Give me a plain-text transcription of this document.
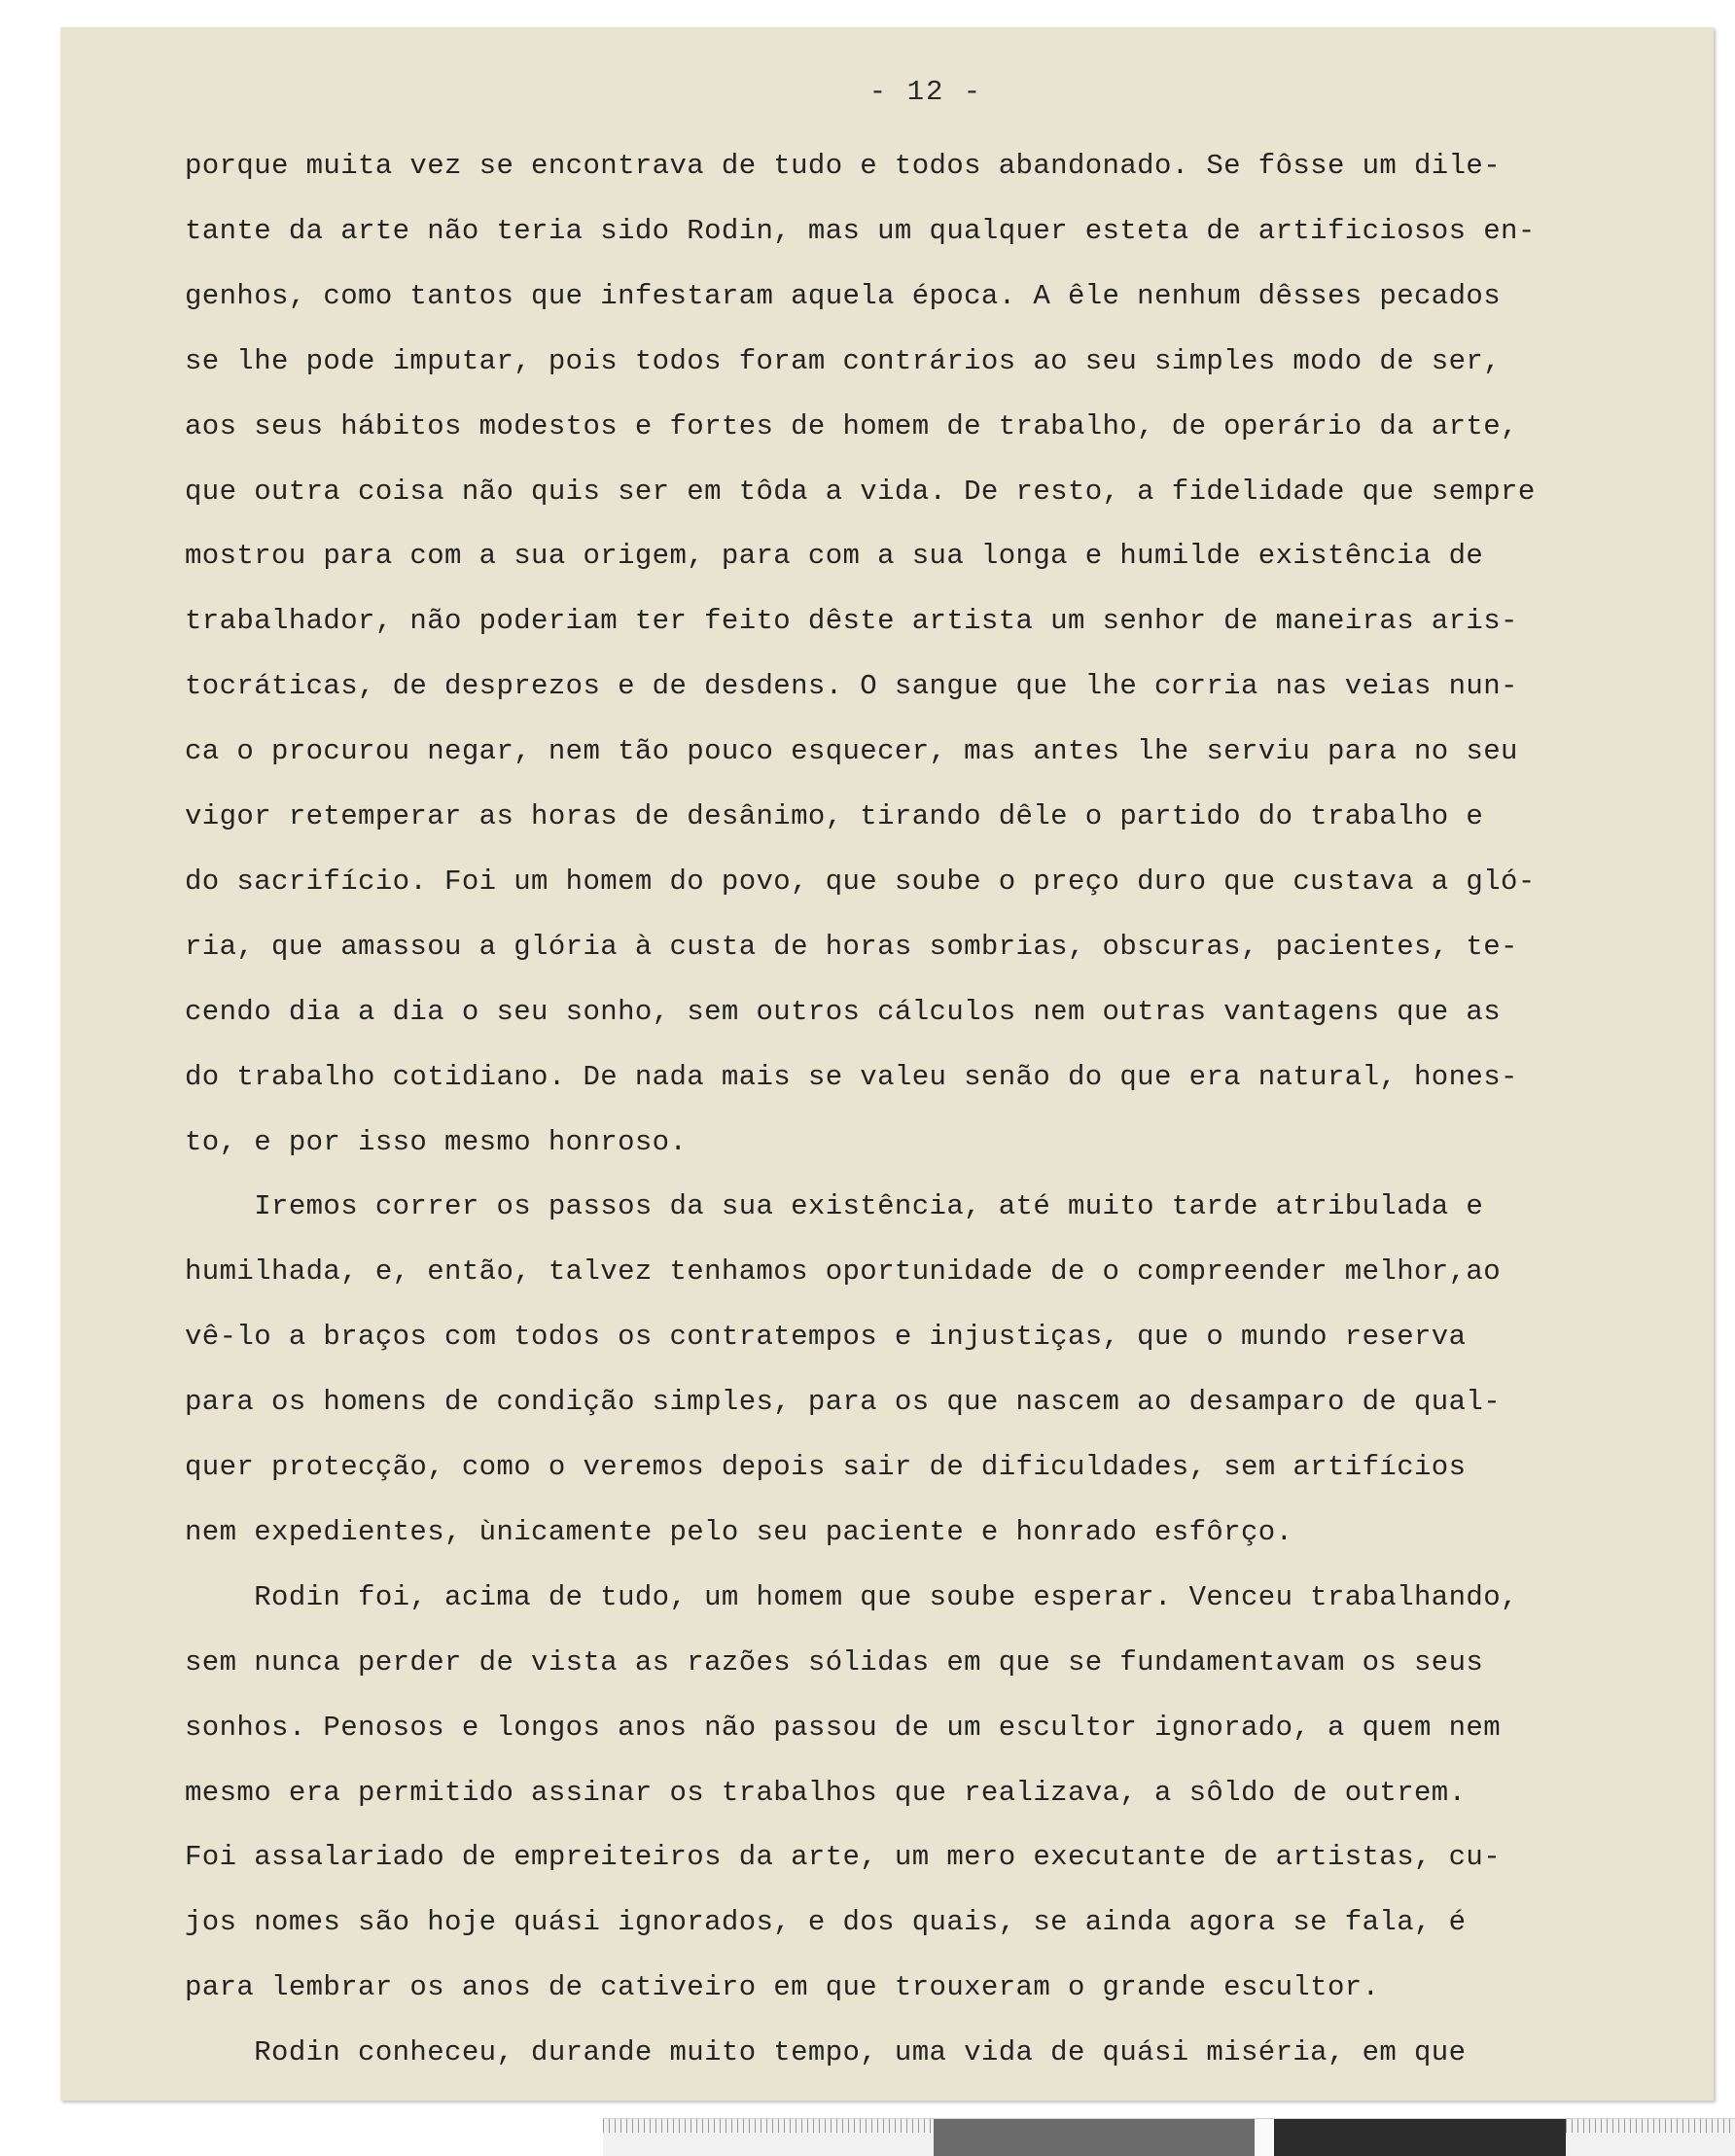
- 12 -
porque muita vez se encontrava de tudo e todos abandonado. Se fôsse um dile-
tante da arte não teria sido Rodin, mas um qualquer esteta de artificiosos en-
genhos, como tantos que infestaram aquela época. A êle nenhum dêsses pecados
se lhe pode imputar, pois todos foram contrários ao seu simples modo de ser,
aos seus hábitos modestos e fortes de homem de trabalho, de operário da arte,
que outra coisa não quis ser em tôda a vida. De resto, a fidelidade que sempre
mostrou para com a sua origem, para com a sua longa e humilde existência de
trabalhador, não poderiam ter feito dêste artista um senhor de maneiras aris-
tocráticas, de desprezos e de desdens. O sangue que lhe corria nas veias nun-
ca o procurou negar, nem tão pouco esquecer, mas antes lhe serviu para no seu
vigor retemperar as horas de desânimo, tirando dêle o partido do trabalho e
do sacrifício. Foi um homem do povo, que soube o preço duro que custava a gló-
ria, que amassou a glória à custa de horas sombrias, obscuras, pacientes, te-
cendo dia a dia o seu sonho, sem outros cálculos nem outras vantagens que as
do trabalho cotidiano. De nada mais se valeu senão do que era natural, hones-
to, e por isso mesmo honroso.
Iremos correr os passos da sua existência, até muito tarde atribulada e
humilhada, e, então, talvez tenhamos oportunidade de o compreender melhor,ao
vê-lo a braços com todos os contratempos e injustiças, que o mundo reserva
para os homens de condição simples, para os que nascem ao desamparo de qual-
quer protecção, como o veremos depois sair de dificuldades, sem artifícios
nem expedientes, ùnicamente pelo seu paciente e honrado esfôrço.
Rodin foi, acima de tudo, um homem que soube esperar. Venceu trabalhando,
sem nunca perder de vista as razões sólidas em que se fundamentavam os seus
sonhos. Penosos e longos anos não passou de um escultor ignorado, a quem nem
mesmo era permitido assinar os trabalhos que realizava, a sôldo de outrem.
Foi assalariado de empreiteiros da arte, um mero executante de artistas, cu-
jos nomes são hoje quási ignorados, e dos quais, se ainda agora se fala, é
para lembrar os anos de cativeiro em que trouxeram o grande escultor.
Rodin conheceu, durande muito tempo, uma vida de quási miséria, em que
